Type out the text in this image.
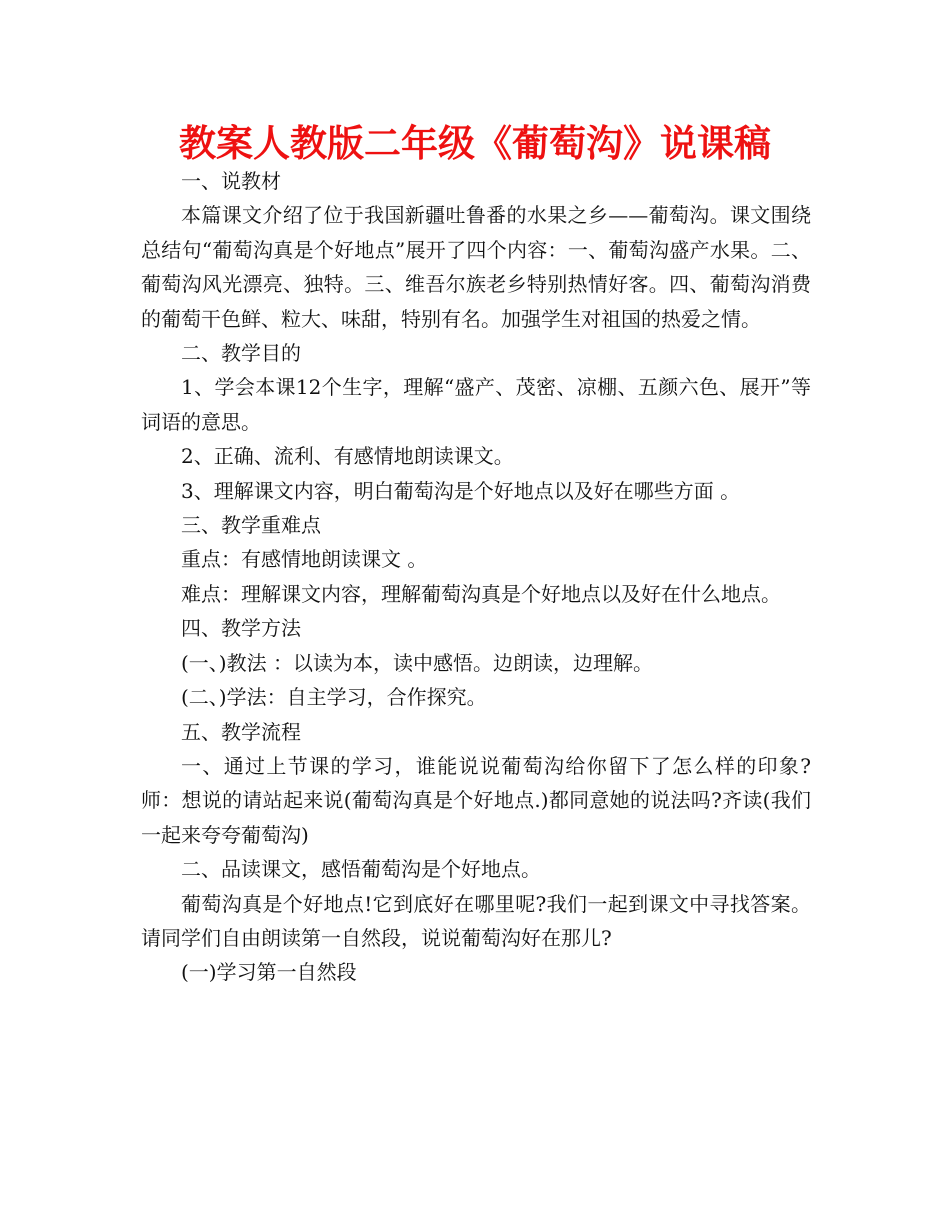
教案人教版二年级《葡萄沟》说课稿

一、说教材

本篇课文介绍了位于我国新疆吐鲁番的水果之乡——葡萄沟。课文围绕总结句“葡萄沟真是个好地点”展开了四个内容：一、葡萄沟盛产水果。二、葡萄沟风光漂亮、独特。三、维吾尔族老乡特别热情好客。四、葡萄沟消费的葡萄干色鲜、粒大、味甜，特别有名。加强学生对祖国的热爱之情。

二、教学目的

1、学会本课12个生字，理解“盛产、茂密、凉棚、五颜六色、展开”等词语的意思。

2、正确、流利、有感情地朗读课文。

3、理解课文内容，明白葡萄沟是个好地点以及好在哪些方面 。

三、教学重难点

重点：有感情地朗读课文 。

难点：理解课文内容，理解葡萄沟真是个好地点以及好在什么地点。

四、教学方法

(一、)教法 ：以读为本，读中感悟。边朗读，边理解。

(二、)学法：自主学习，合作探究。

五、教学流程

一、通过上节课的学习，谁能说说葡萄沟给你留下了怎么样的印象?师：想说的请站起来说(葡萄沟真是个好地点.)都同意她的说法吗?齐读(我们一起来夸夸葡萄沟)

二、品读课文，感悟葡萄沟是个好地点。

葡萄沟真是个好地点!它到底好在哪里呢?我们一起到课文中寻找答案。请同学们自由朗读第一自然段，说说葡萄沟好在那儿?

(一)学习第一自然段
